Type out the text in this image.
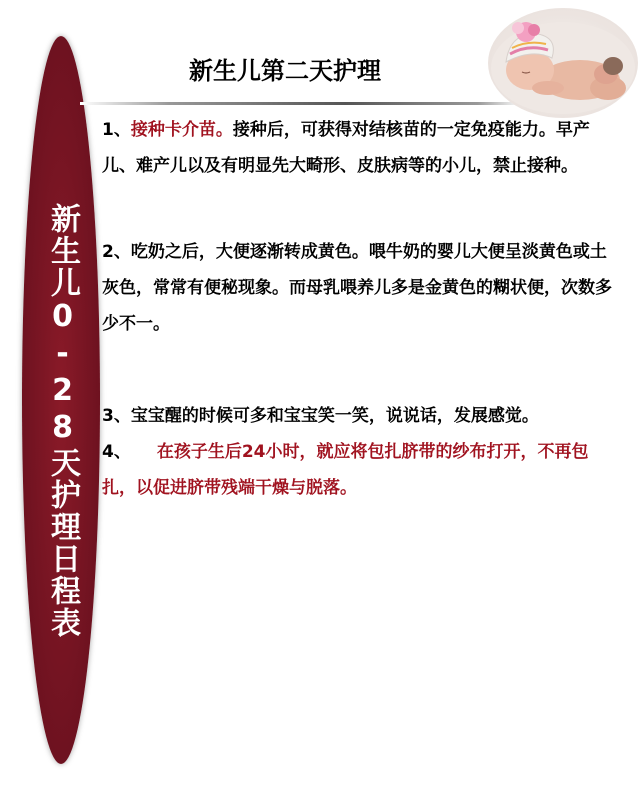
新生儿0-28天护理日程表
新生儿第二天护理

1、接种卡介苗。接种后，可获得对结核苗的一定免疫能力。早产儿、难产儿以及有明显先大畸形、皮肤病等的小儿，禁止接种。

2、吃奶之后，大便逐渐转成黄色。喂牛奶的婴儿大便呈淡黄色或土灰色，常常有便秘现象。而母乳喂养儿多是金黄色的糊状便，次数多少不一。

3、宝宝醒的时候可多和宝宝笑一笑，说说话，发展感觉。

4、 在孩子生后24小时，就应将包扎脐带的纱布打开，不再包扎，以促进脐带残端干燥与脱落。
